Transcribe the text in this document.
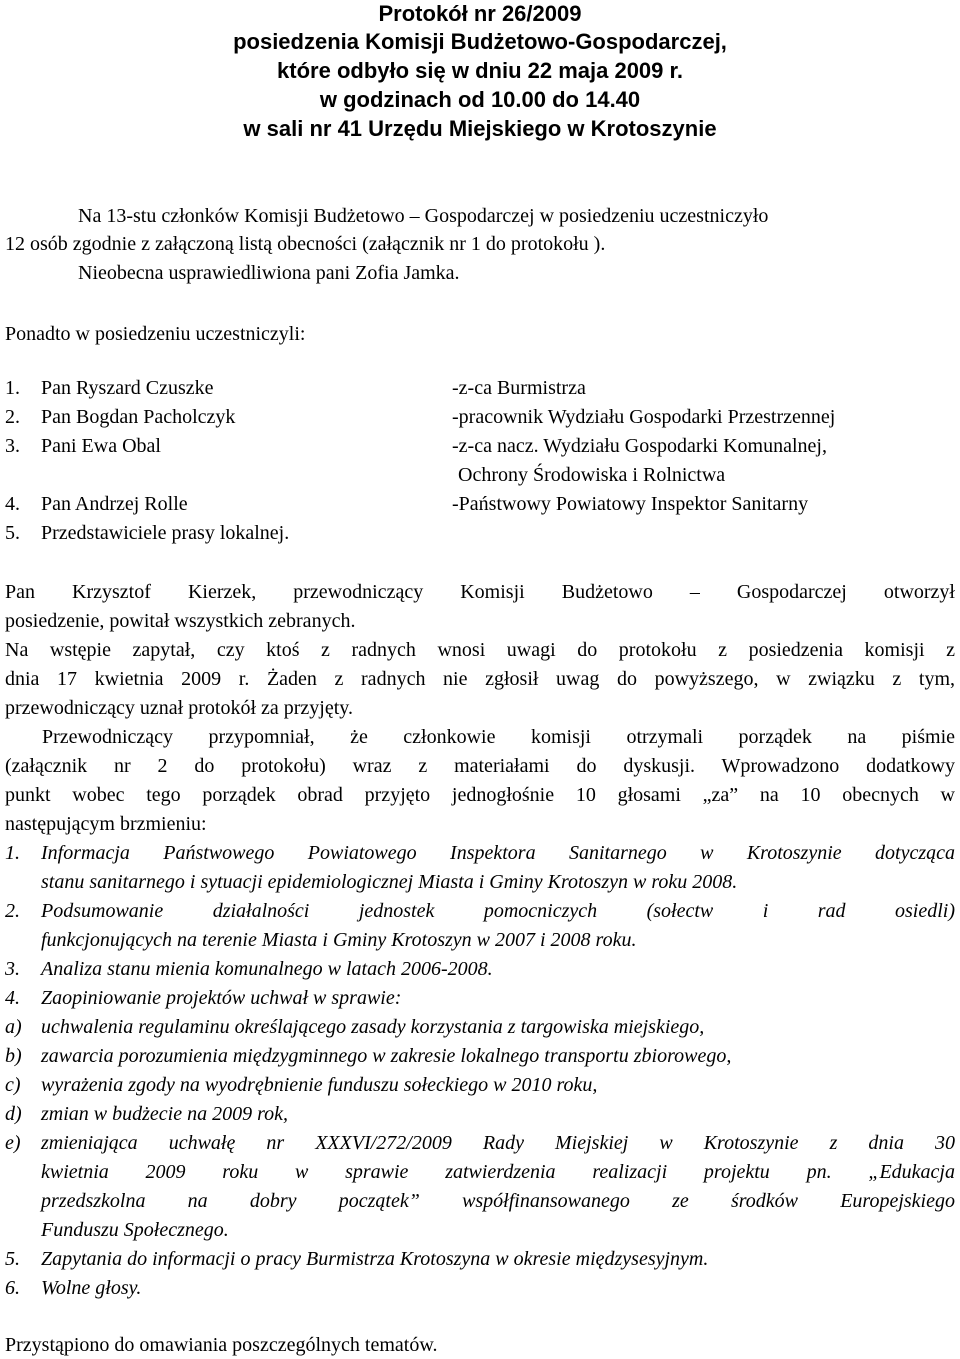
Protokół nr 26/2009
posiedzenia Komisji Budżetowo-Gospodarczej,
które odbyło się w dniu 22 maja 2009 r.
w godzinach od 10.00 do 14.40
w sali nr 41 Urzędu Miejskiego w Krotoszynie
Na 13-stu członków Komisji Budżetowo – Gospodarczej w posiedzeniu uczestniczyło
12 osób zgodnie z załączoną listą obecności (załącznik nr 1 do protokołu ).
Nieobecna usprawiedliwiona pani Zofia Jamka.
Ponadto w posiedzeniu uczestniczyli:
1. Pan Ryszard Czuszke	-z-ca Burmistrza
2. Pan Bogdan Pacholczyk	-pracownik Wydziału Gospodarki Przestrzennej
3. Pani Ewa Obal	-z-ca nacz. Wydziału Gospodarki Komunalnej,
Ochrony Środowiska i Rolnictwa
4. Pan Andrzej Rolle	-Państwowy Powiatowy Inspektor Sanitarny
5. Przedstawiciele prasy lokalnej.
Pan Krzysztof Kierzek, przewodniczący Komisji Budżetowo – Gospodarczej otworzył
posiedzenie, powitał wszystkich zebranych.
Na wstępie zapytał, czy ktoś z radnych wnosi uwagi do protokołu z posiedzenia komisji z
dnia 17 kwietnia 2009 r. Żaden z radnych nie zgłosił uwag do powyższego, w związku z tym,
przewodniczący uznał protokół za przyjęty.
Przewodniczący przypomniał, że członkowie komisji otrzymali porządek na piśmie
(załącznik nr 2 do protokołu) wraz z materiałami do dyskusji. Wprowadzono dodatkowy
punkt wobec tego porządek obrad przyjęto jednogłośnie 10 głosami „za” na 10 obecnych w
następującym brzmieniu:
1. Informacja Państwowego Powiatowego Inspektora Sanitarnego w Krotoszynie dotycząca
stanu sanitarnego i sytuacji epidemiologicznej Miasta i Gminy Krotoszyn w roku 2008.
2. Podsumowanie działalności jednostek pomocniczych (sołectw i rad osiedli)
funkcjonujących na terenie Miasta i Gminy Krotoszyn w 2007 i 2008 roku.
3. Analiza stanu mienia komunalnego w latach 2006-2008.
4. Zaopiniowanie projektów uchwał w sprawie:
a) uchwalenia regulaminu określającego zasady korzystania z targowiska miejskiego,
b) zawarcia porozumienia międzygminnego w zakresie lokalnego transportu zbiorowego,
c) wyrażenia zgody na wyodrębnienie funduszu sołeckiego w 2010 roku,
d) zmian w budżecie na 2009 rok,
e) zmieniająca uchwałę nr XXXVI/272/2009 Rady Miejskiej w Krotoszynie z dnia 30
kwietnia 2009 roku w sprawie zatwierdzenia realizacji projektu pn. „Edukacja
przedszkolna na dobry początek” współfinansowanego ze środków Europejskiego
Funduszu Społecznego.
5. Zapytania do informacji o pracy Burmistrza Krotoszyna w okresie międzysesyjnym.
6. Wolne głosy.
Przystąpiono do omawiania poszczególnych tematów.
